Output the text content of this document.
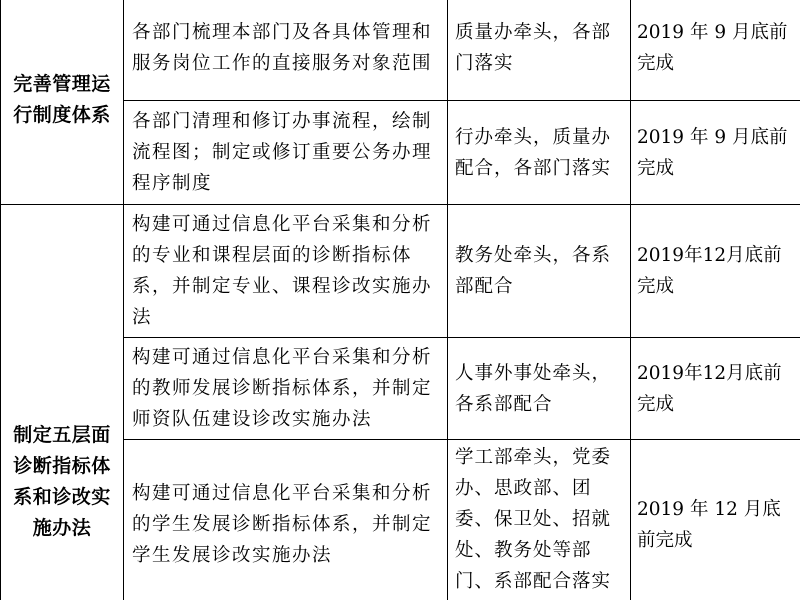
完善管理运行制度体系	各部门梳理本部门及各具体管理和服务岗位工作的直接服务对象范围	质量办牵头，各部门落实	2019 年 9 月底前完成
	各部门清理和修订办事流程，绘制流程图；制定或修订重要公务办理程序制度	行办牵头，质量办配合，各部门落实	2019 年 9 月底前完成
制定五层面诊断指标体系和诊改实施办法	构建可通过信息化平台采集和分析的专业和课程层面的诊断指标体系，并制定专业、课程诊改实施办法	教务处牵头，各系部配合	2019年12月底前完成
	构建可通过信息化平台采集和分析的教师发展诊断指标体系，并制定师资队伍建设诊改实施办法	人事外事处牵头，各系部配合	2019年12月底前完成
	构建可通过信息化平台采集和分析的学生发展诊断指标体系，并制定学生发展诊改实施办法	学工部牵头，党委办、思政部、团委、保卫处、招就处、教务处等部门、系部配合落实	2019 年 12 月底前完成
